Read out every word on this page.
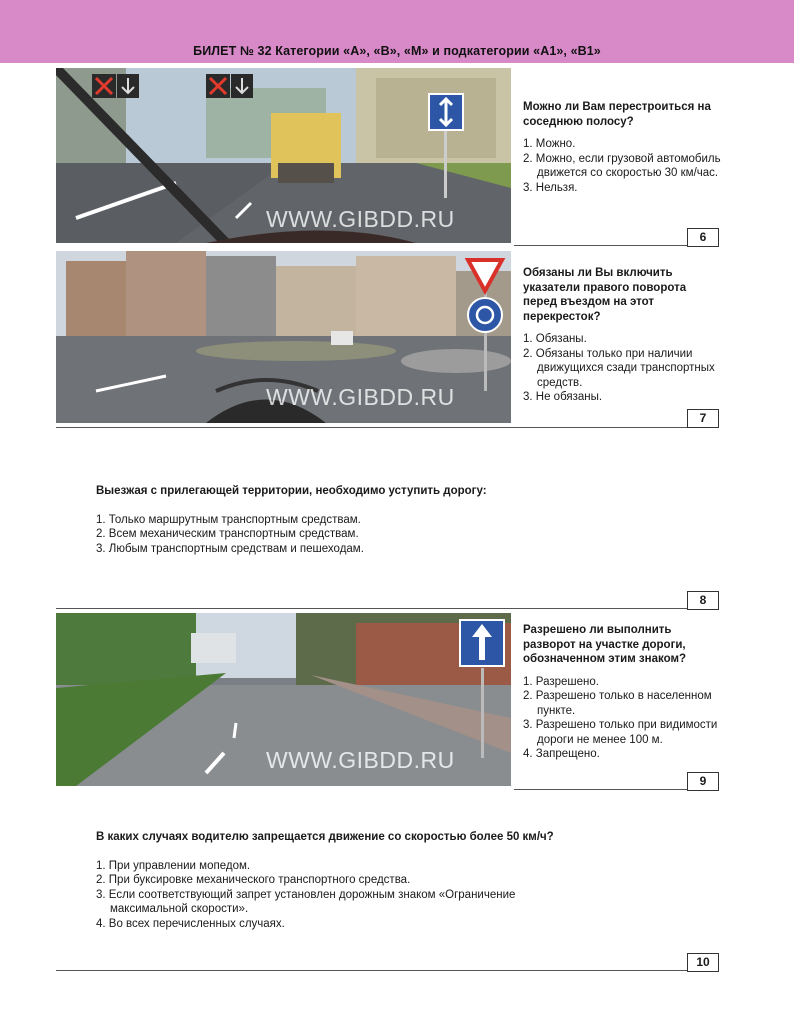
БИЛЕТ № 32 Категории «А», «В», «М» и подкатегории «А1», «В1»
WWW.GIBDD.RU
Можно ли Вам перестроиться на соседнюю полосу?
1. Можно.
2. Можно, если грузовой автомобиль движется со скоростью 30 км/час.
3. Нельзя.
6
WWW.GIBDD.RU
Обязаны ли Вы включить указатели правого поворота перед въездом на этот перекресток?
1. Обязаны.
2. Обязаны только при наличии движущихся сзади транспортных средств.
3. Не обязаны.
7
Выезжая с прилегающей территории, необходимо уступить дорогу:
1. Только маршрутным транспортным средствам.
2. Всем механическим транспортным средствам.
3. Любым транспортным средствам и пешеходам.
8
WWW.GIBDD.RU
Разрешено ли выполнить разворот на участке дороги, обозначенном этим знаком?
1. Разрешено.
2. Разрешено только в населенном пункте.
3. Разрешено только при видимости дороги не менее 100 м.
4. Запрещено.
9
В каких случаях водителю запрещается движение со скоростью более 50 км/ч?
1. При управлении мопедом.
2. При буксировке механического транспортного средства.
3. Если соответствующий запрет установлен дорожным знаком «Ограничение максимальной скорости».
4. Во всех перечисленных случаях.
10
